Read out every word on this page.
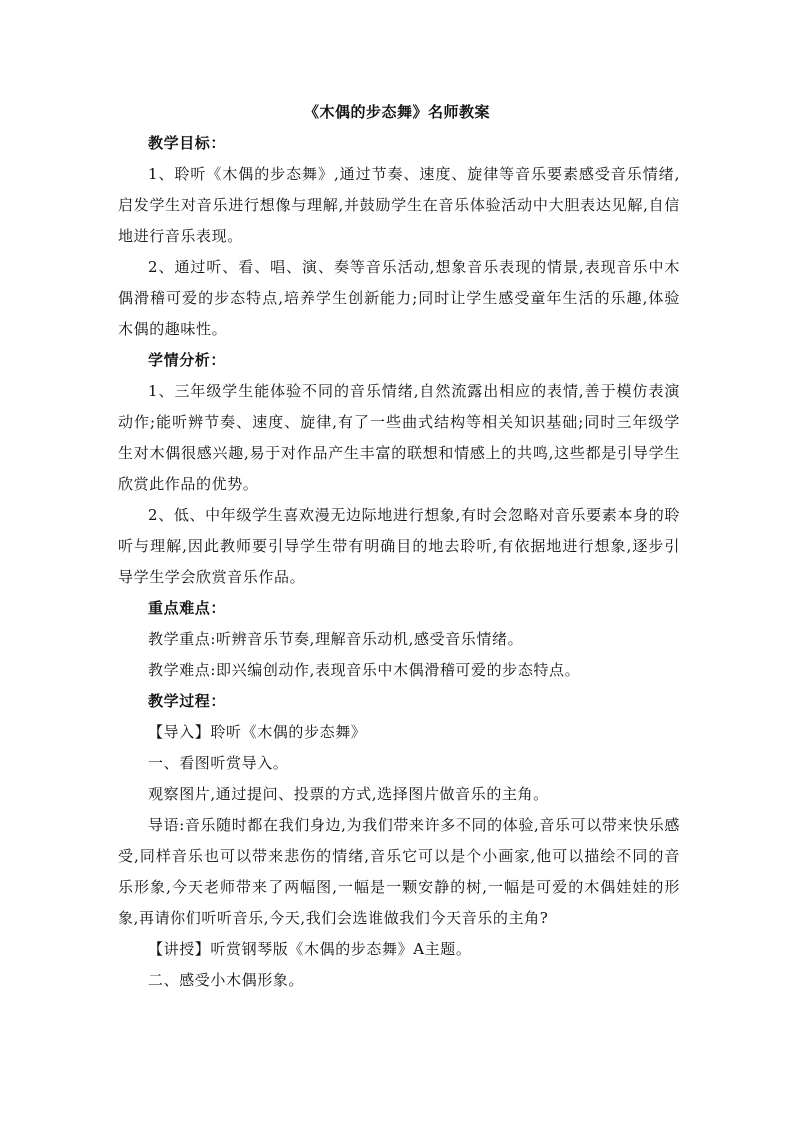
《木偶的步态舞》名师教案

教学目标：

1、聆听《木偶的步态舞》,通过节奏、速度、旋律等音乐要素感受音乐情绪,启发学生对音乐进行想像与理解,并鼓励学生在音乐体验活动中大胆表达见解,自信地进行音乐表现。

2、通过听、看、唱、演、奏等音乐活动,想象音乐表现的情景,表现音乐中木偶滑稽可爱的步态特点,培养学生创新能力;同时让学生感受童年生活的乐趣,体验木偶的趣味性。

学情分析：

1、三年级学生能体验不同的音乐情绪,自然流露出相应的表情,善于模仿表演动作;能听辨节奏、速度、旋律,有了一些曲式结构等相关知识基础;同时三年级学生对木偶很感兴趣,易于对作品产生丰富的联想和情感上的共鸣,这些都是引导学生欣赏此作品的优势。

2、低、中年级学生喜欢漫无边际地进行想象,有时会忽略对音乐要素本身的聆听与理解,因此教师要引导学生带有明确目的地去聆听,有依据地进行想象,逐步引导学生学会欣赏音乐作品。

重点难点：

教学重点:听辨音乐节奏,理解音乐动机,感受音乐情绪。

教学难点:即兴编创动作,表现音乐中木偶滑稽可爱的步态特点。

教学过程：

【导入】聆听《木偶的步态舞》

一、看图听赏导入。

观察图片,通过提问、投票的方式,选择图片做音乐的主角。

导语:音乐随时都在我们身边,为我们带来许多不同的体验,音乐可以带来快乐感受,同样音乐也可以带来悲伤的情绪,音乐它可以是个小画家,他可以描绘不同的音乐形象,今天老师带来了两幅图,一幅是一颗安静的树,一幅是可爱的木偶娃娃的形象,再请你们听听音乐,今天,我们会选谁做我们今天音乐的主角?

【讲授】听赏钢琴版《木偶的步态舞》A主题。

二、感受小木偶形象。
